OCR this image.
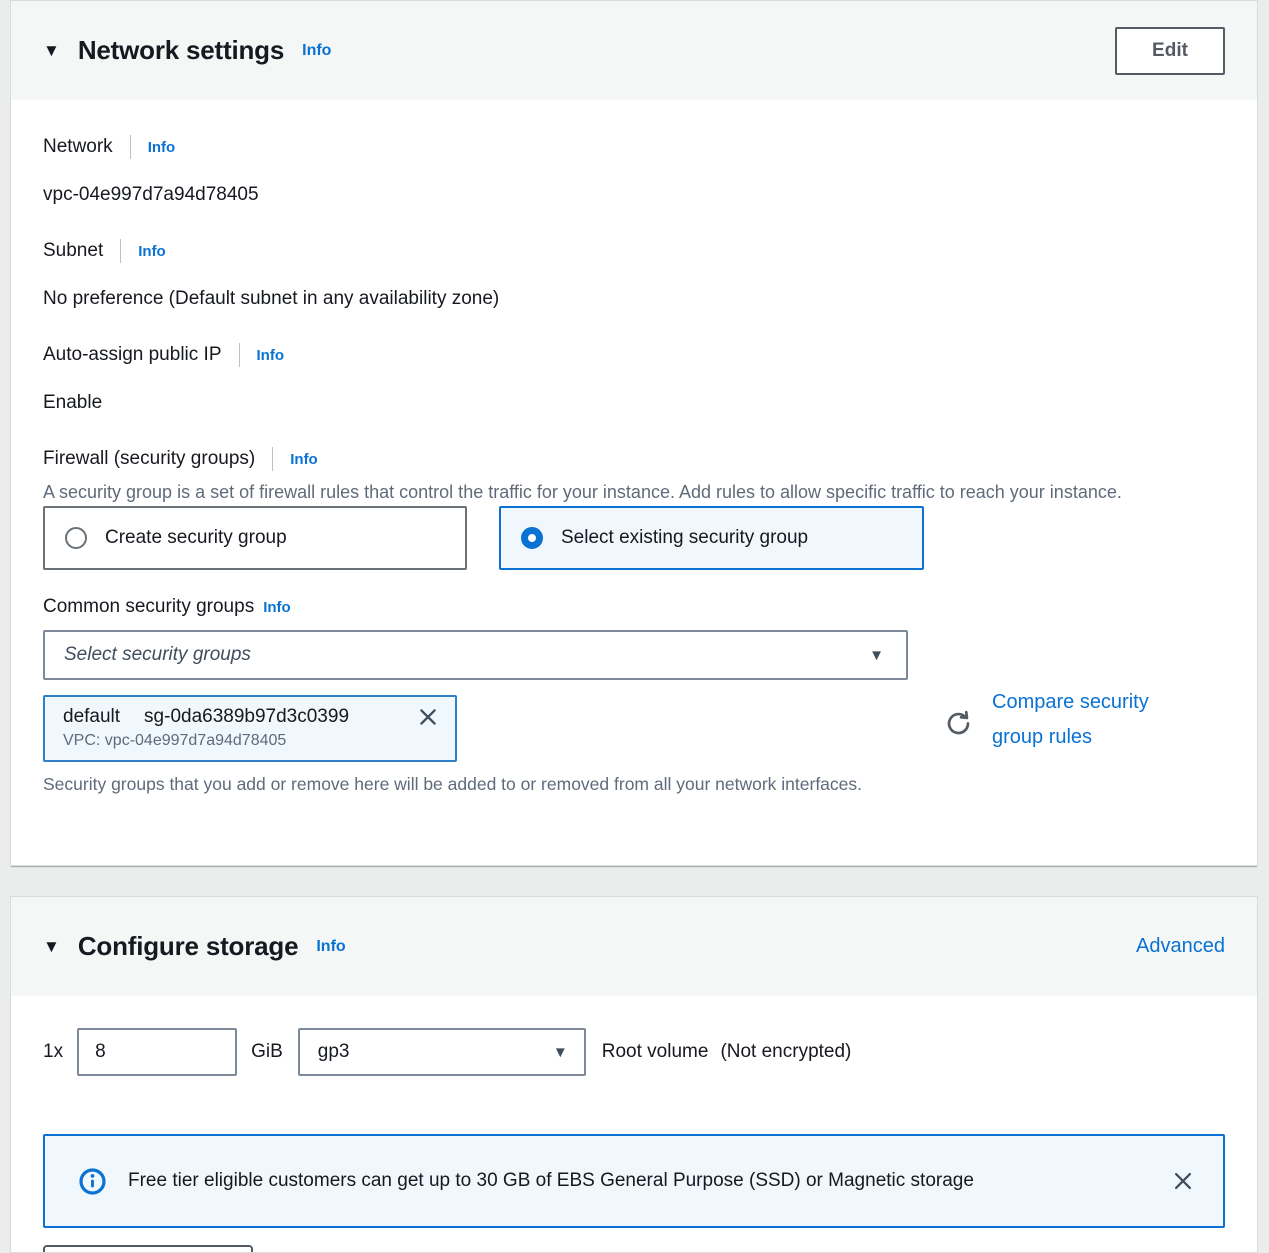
▼ Network settings Info	Edit
Network Info
vpc-04e997d7a94d78405
Subnet Info
No preference (Default subnet in any availability zone)
Auto-assign public IP Info
Enable
Firewall (security groups) Info

A security group is a set of firewall rules that control the traffic for your instance. Add rules to allow specific traffic to reach your instance.

Create security group	Select existing security group
Common security groups Info
Select security groups	▼
default sg-0da6389b97d3c0399
VPC: vpc-04e997d7a94d78405
Compare security group rules

Security groups that you add or remove here will be added to or removed from all your network interfaces.

▼ Configure storage Info	Advanced
1x
8	GiB gp3	▼ Root volume (Not encrypted)
Free tier eligible customers can get up to 30 GB of EBS General Purpose (SSD) or Magnetic storage
